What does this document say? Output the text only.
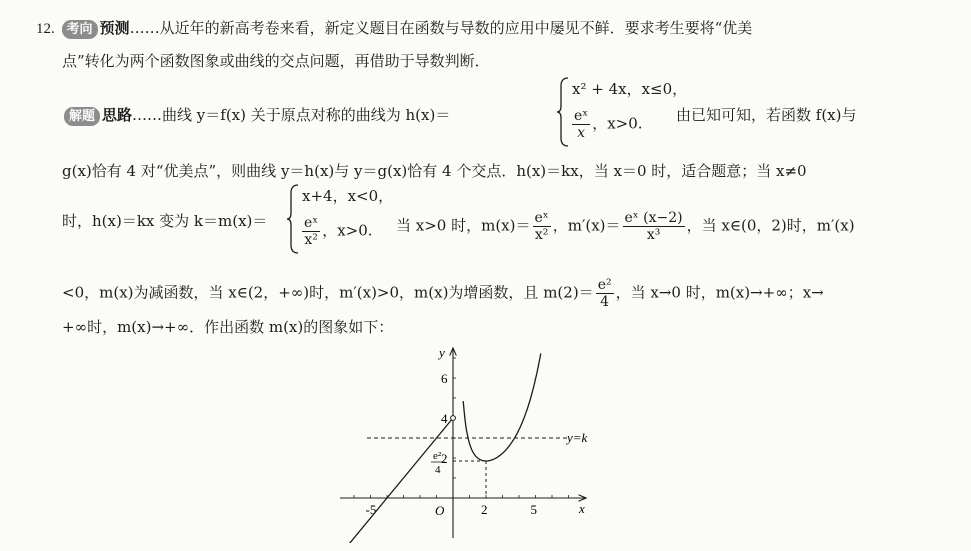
12. 考向 预测……从近年的新高考卷来看，新定义题目在函数与导数的应用中屡见不鲜．要求考生要将“优美
点”转化为两个函数图象或曲线的交点问题，再借助于导数判断．
解题 思路……曲线 y＝f(x) 关于原点对称的曲线为 h(x)＝
x² + 4x，x≤0，
$\frac{\text{eˣ}}{x}$ ，x>0. 由已知可知，若函数 f(x)与
g(x)恰有 4 对“优美点”，则曲线 y＝h(x)与 y＝g(x)恰有 4 个交点．h(x)＝kx，当 x＝0 时，适合题意；当 x≠0
时，h(x)＝kx 变为 k＝m(x)＝
x+4，x<0，
$\frac{\text{eˣ}}{\text{x²}}$ ，x>0. 当 x>0 时，$m(x)= \frac{\text{eˣ}}{\text{x²}}$ ，$m'(x)= \frac{\text{eˣ (x−2)}}{\text{x³}}$ ，当 x∈(0，2)时，m′(x)
<0，m(x)为减函数，当 x∈(2，+∞)时，m′(x)>0，m(x)为增函数，且 $m(2)= \frac{\text{e²}}{4}$ ，当 x→0 时，m(x)→+∞；x→
+∞时，m(x)→+∞．作出函数 m(x)的图象如下：
-5	2	5
2
4
6
y=k
O	x
y
e²
4
